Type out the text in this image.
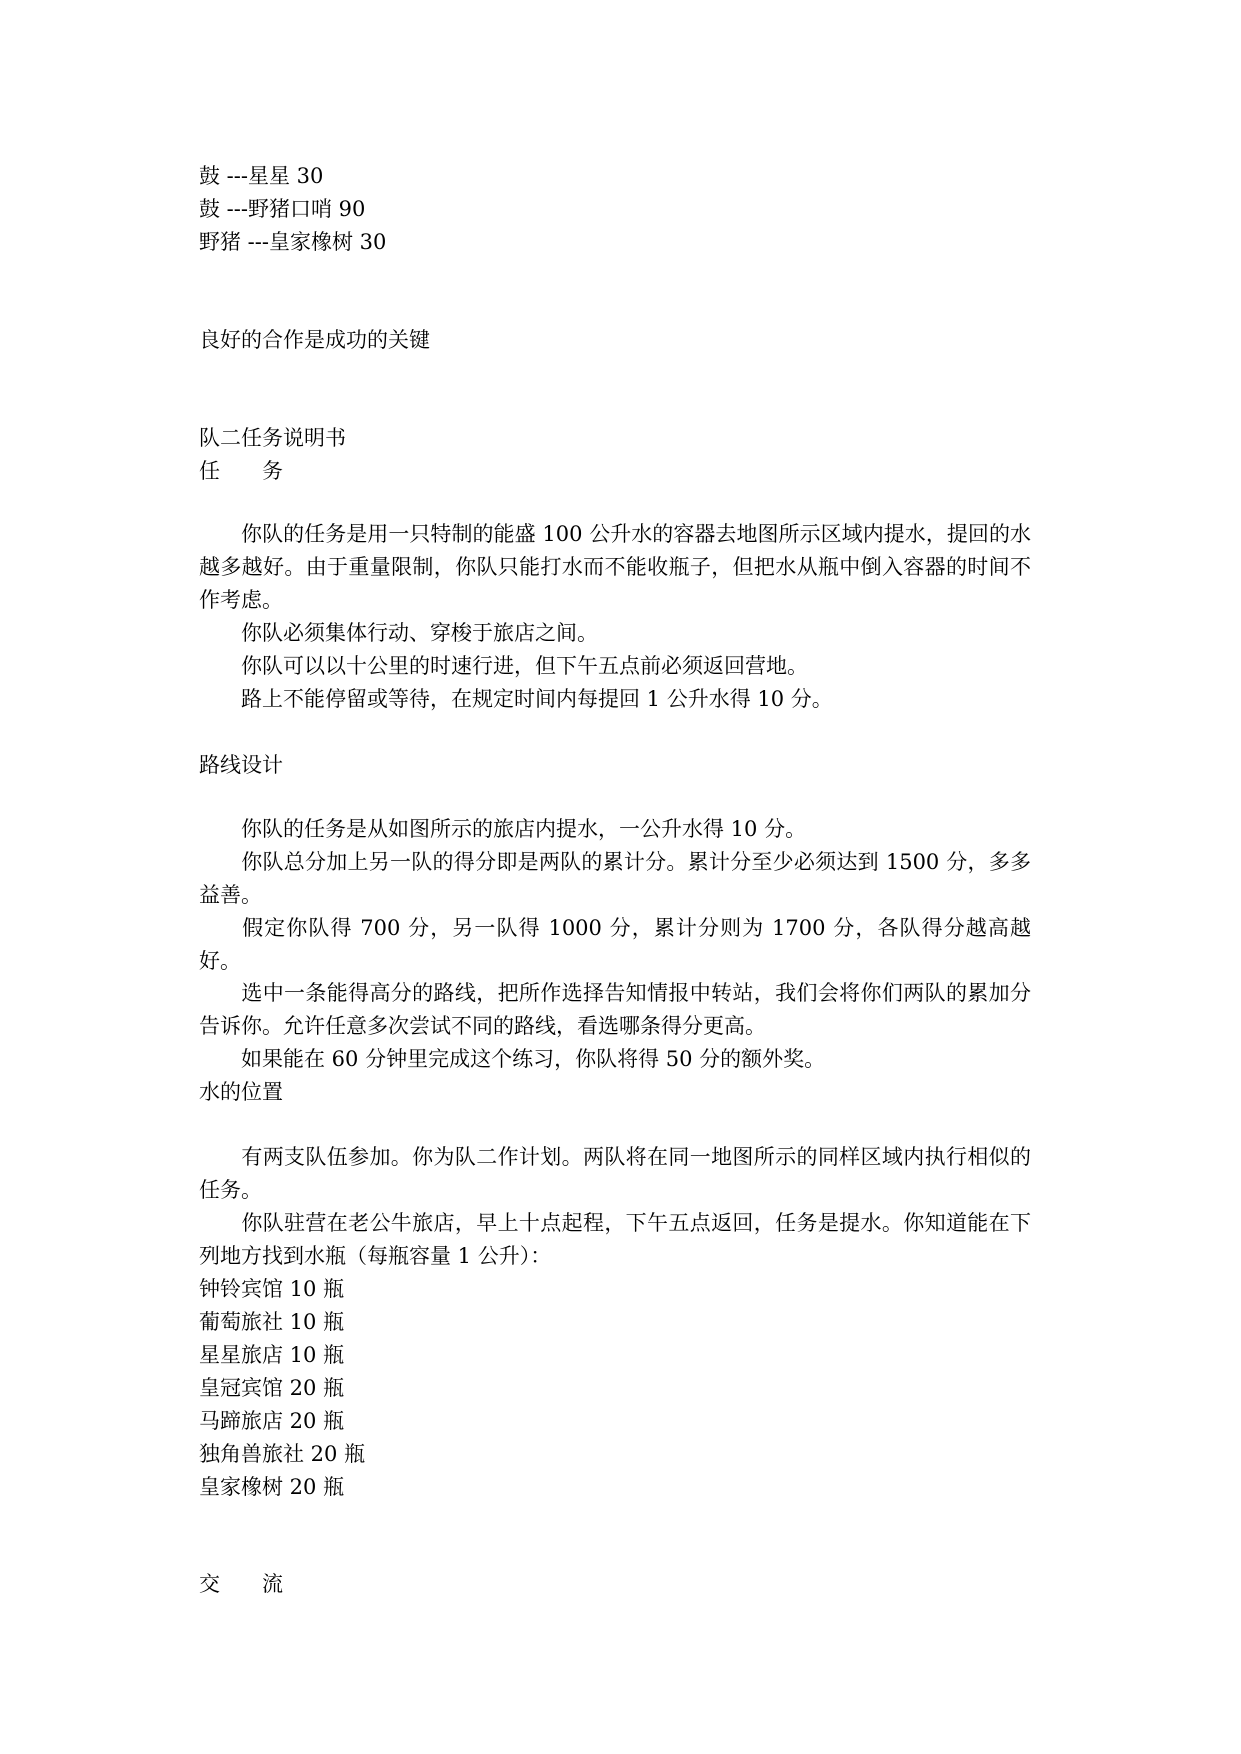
鼓 ---星星 30
鼓 ---野猪口哨 90
野猪 ---皇家橡树 30
良好的合作是成功的关键
队二任务说明书
任 务
你队的任务是用一只特制的能盛 100 公升水的容器去地图所示区域内提水，提回的水越多越好。由于重量限制，你队只能打水而不能收瓶子，但把水从瓶中倒入容器的时间不作考虑。
你队必须集体行动、穿梭于旅店之间。
你队可以以十公里的时速行进，但下午五点前必须返回营地。
路上不能停留或等待，在规定时间内每提回 1 公升水得 10 分。
路线设计
你队的任务是从如图所示的旅店内提水，一公升水得 10 分。
你队总分加上另一队的得分即是两队的累计分。累计分至少必须达到 1500 分，多多益善。
假定你队得 700 分，另一队得 1000 分，累计分则为 1700 分，各队得分越高越好。
选中一条能得高分的路线，把所作选择告知情报中转站，我们会将你们两队的累加分告诉你。允许任意多次尝试不同的路线，看选哪条得分更高。
如果能在 60 分钟里完成这个练习，你队将得 50 分的额外奖。
水的位置
有两支队伍参加。你为队二作计划。两队将在同一地图所示的同样区域内执行相似的任务。
你队驻营在老公牛旅店，早上十点起程，下午五点返回，任务是提水。你知道能在下列地方找到水瓶（每瓶容量 1 公升）：
钟铃宾馆 10 瓶
葡萄旅社 10 瓶
星星旅店 10 瓶
皇冠宾馆 20 瓶
马蹄旅店 20 瓶
独角兽旅社 20 瓶
皇家橡树 20 瓶
交 流
